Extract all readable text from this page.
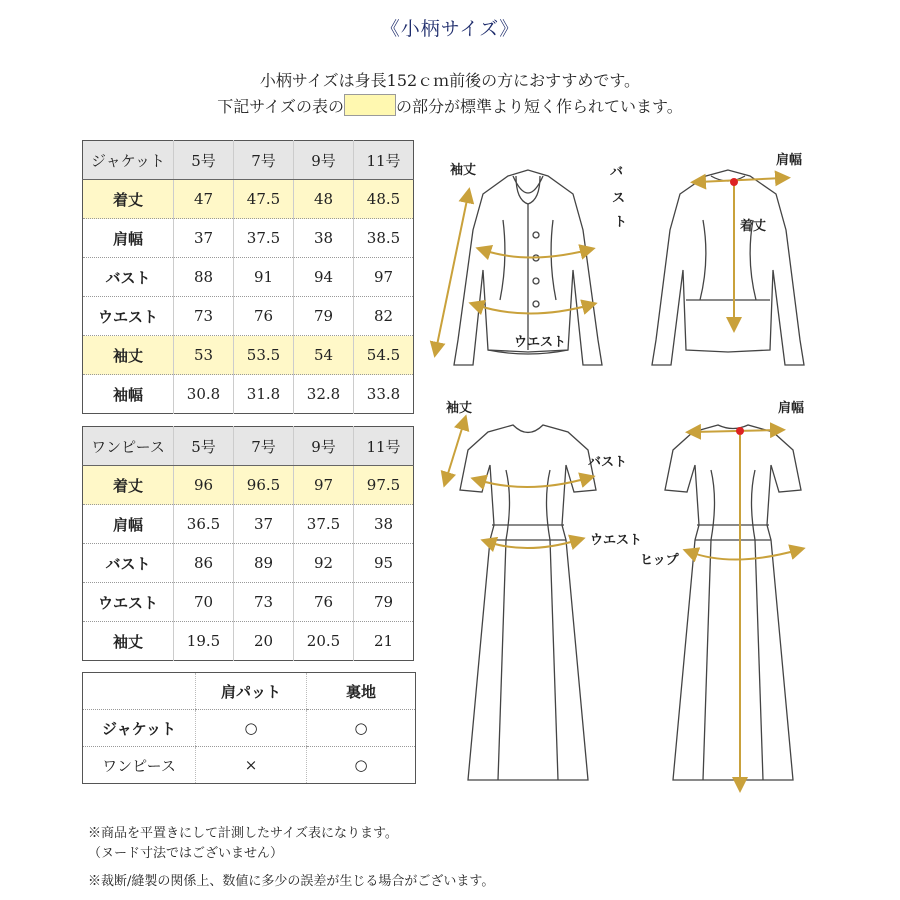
《小柄サイズ》
小柄サイズは身長152ｃｍ前後の方におすすめです。
下記サイズの表の	の部分が標準より短く作られています。
ジャケット	5号	7号	9号	11号
着丈	47	47.5	48	48.5
肩幅	37	37.5	38	38.5
バスト	88	91	94	97
ウエスト	73	76	79	82
袖丈	53	53.5	54	54.5
袖幅	30.8	31.8	32.8	33.8
ワンピース	5号	7号	9号	11号
着丈	96	96.5	97	97.5
肩幅	36.5	37	37.5	38
バスト	86	89	92	95
ウエスト	70	73	76	79
袖丈	19.5	20	20.5	21
	肩パット	裏地
ジャケット	○	○
ワンピース	×	○
※商品を平置きにして計測したサイズ表になります。
（ヌード寸法ではございません）
※裁断/縫製の関係上、数値に多少の誤差が生じる場合がございます。
袖丈	バ
ス
ト
ウエスト
肩幅
着丈
袖丈
バスト
ウエスト
肩幅
ヒップ
